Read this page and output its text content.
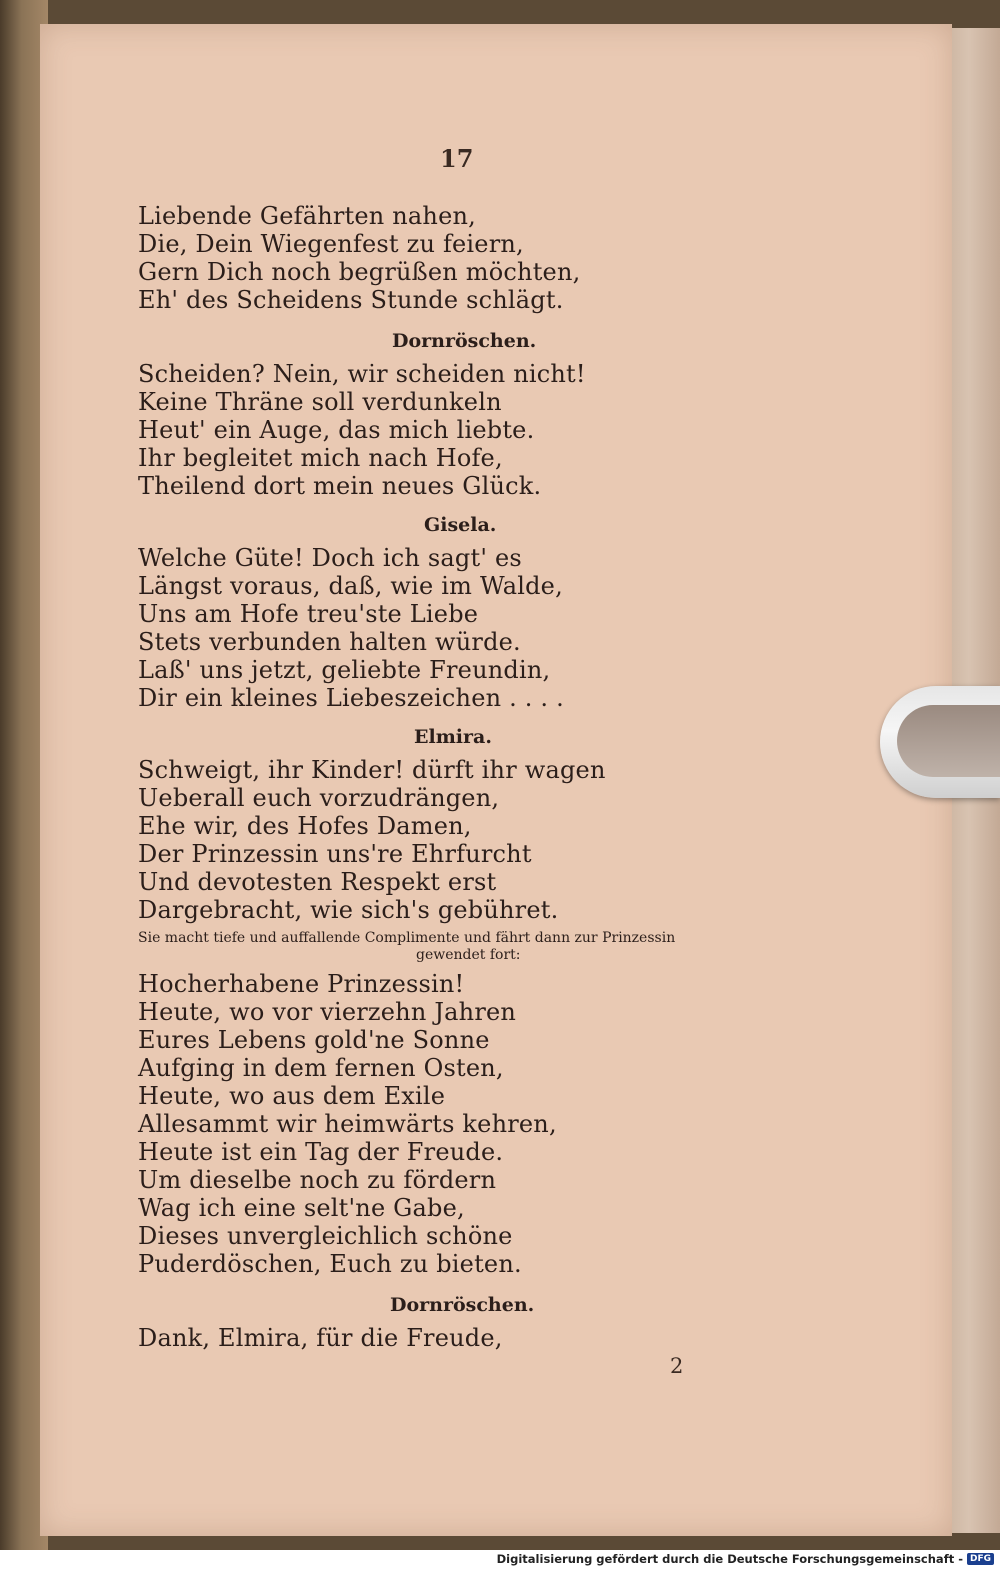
17
Liebende Gefährten nahen,
Die, Dein Wiegenfest zu feiern,
Gern Dich noch begrüßen möchten,
Eh' des Scheidens Stunde schlägt.
Dornröschen.
Scheiden? Nein, wir scheiden nicht!
Keine Thräne soll verdunkeln
Heut' ein Auge, das mich liebte.
Ihr begleitet mich nach Hofe,
Theilend dort mein neues Glück.
Gisela.
Welche Güte! Doch ich sagt' es
Längst voraus, daß, wie im Walde,
Uns am Hofe treu'ste Liebe
Stets verbunden halten würde.
Laß' uns jetzt, geliebte Freundin,
Dir ein kleines Liebeszeichen . . . .
Elmira.
Schweigt, ihr Kinder! dürft ihr wagen
Ueberall euch vorzudrängen,
Ehe wir, des Hofes Damen,
Der Prinzessin uns're Ehrfurcht
Und devotesten Respekt erst
Dargebracht, wie sich's gebühret.
Sie macht tiefe und auffallende Complimente und fährt dann zur Prinzessin
gewendet fort:
Hocherhabene Prinzessin!
Heute, wo vor vierzehn Jahren
Eures Lebens gold'ne Sonne
Aufging in dem fernen Osten,
Heute, wo aus dem Exile
Allesammt wir heimwärts kehren,
Heute ist ein Tag der Freude.
Um dieselbe noch zu fördern
Wag ich eine selt'ne Gabe,
Dieses unvergleichlich schöne
Puderdöschen, Euch zu bieten.
Dornröschen.
Dank, Elmira, für die Freude,
2
Digitalisierung gefördert durch die Deutsche Forschungsgemeinschaft - DFG
